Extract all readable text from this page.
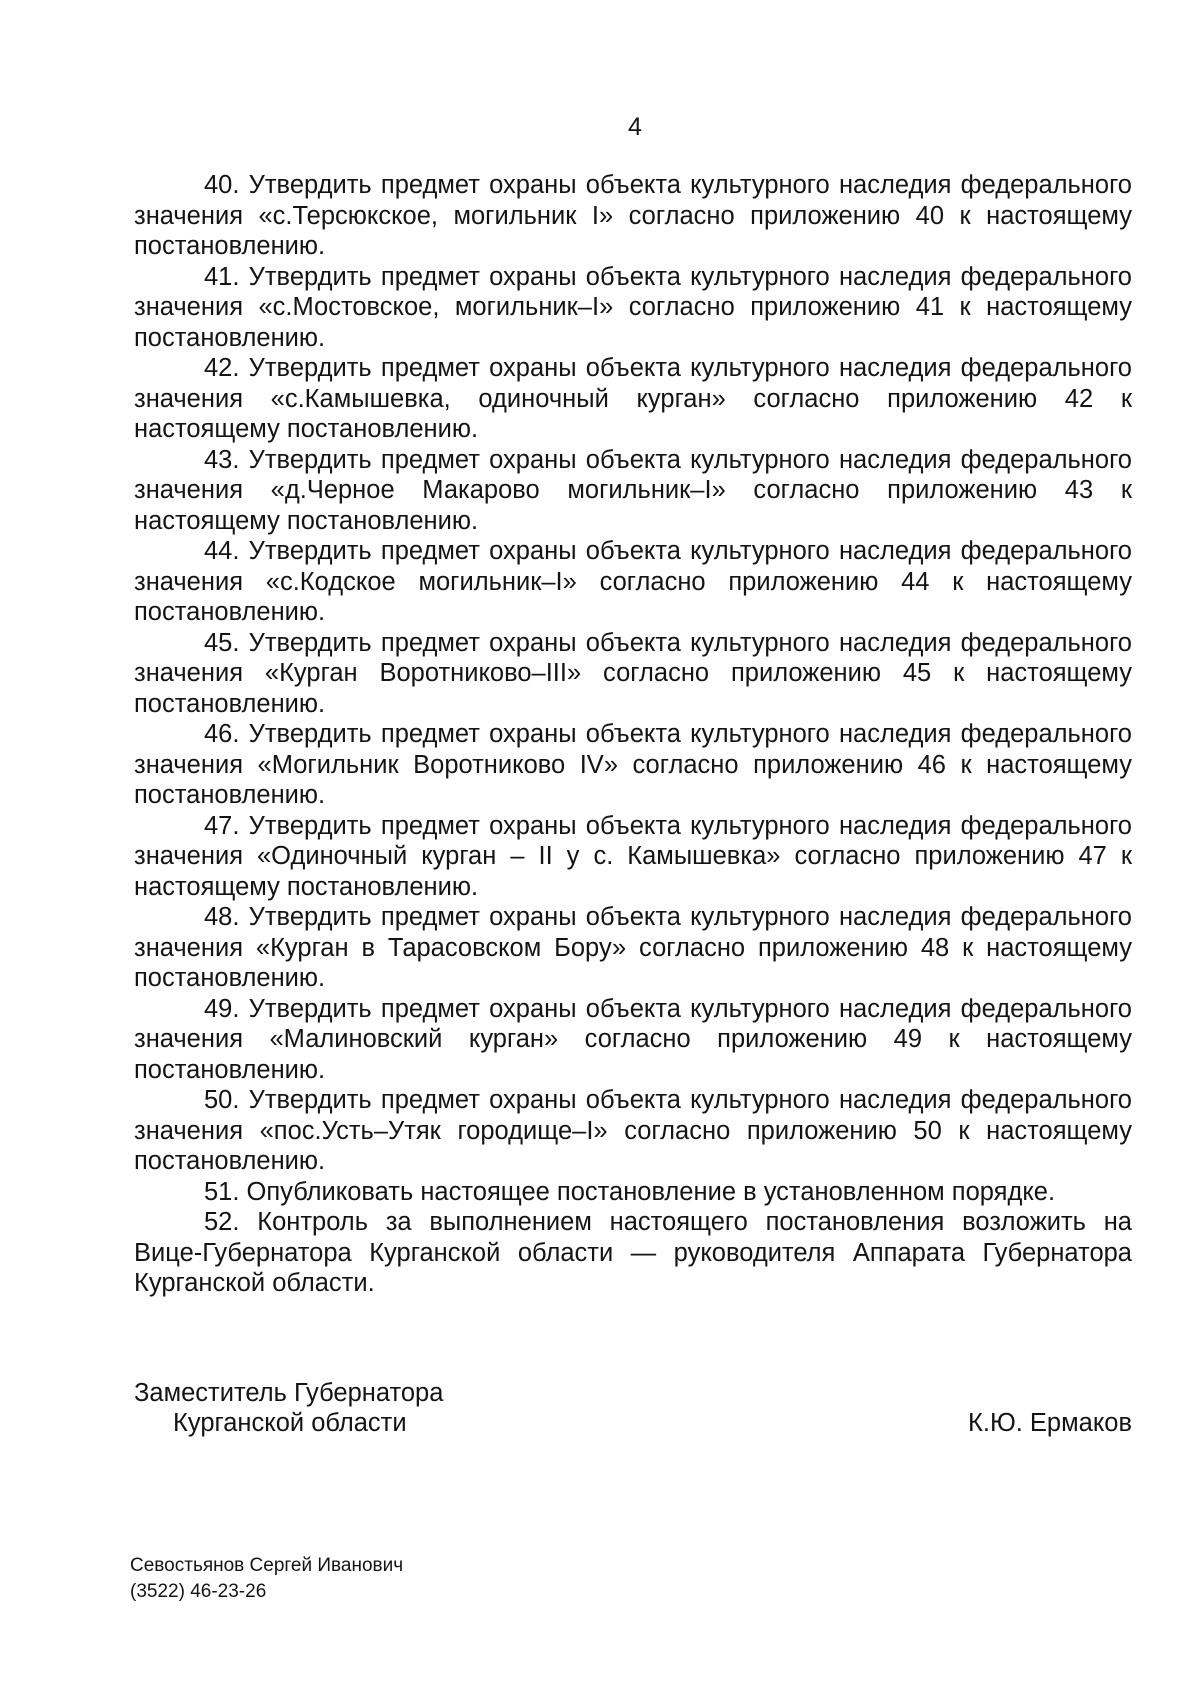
4

40. Утвердить предмет охраны объекта культурного наследия федерального значения «с.Терсюкское, могильник I» согласно приложению 40 к настоящему постановлению.

41. Утвердить предмет охраны объекта культурного наследия федерального значения «с.Мостовское, могильник–I» согласно приложению 41 к настоящему постановлению.

42. Утвердить предмет охраны объекта культурного наследия федерального значения «с.Камышевка, одиночный курган» согласно приложению 42 к настоящему постановлению.

43. Утвердить предмет охраны объекта культурного наследия федерального значения «д.Черное Макарово могильник–I» согласно приложению 43 к настоящему постановлению.

44. Утвердить предмет охраны объекта культурного наследия федерального значения «с.Кодское могильник–I» согласно приложению 44 к настоящему постановлению.

45. Утвердить предмет охраны объекта культурного наследия федерального значения «Курган Воротниково–III» согласно приложению 45 к настоящему постановлению.

46. Утвердить предмет охраны объекта культурного наследия федерального значения «Могильник Воротниково IV» согласно приложению 46 к настоящему постановлению.

47. Утвердить предмет охраны объекта культурного наследия федерального значения «Одиночный курган – II у с. Камышевка» согласно приложению 47 к настоящему постановлению.

48. Утвердить предмет охраны объекта культурного наследия федерального значения «Курган в Тарасовском Бору» согласно приложению 48 к настоящему постановлению.

49. Утвердить предмет охраны объекта культурного наследия федерального значения «Малиновский курган» согласно приложению 49 к настоящему постановлению.

50. Утвердить предмет охраны объекта культурного наследия федерального значения «пос.Усть–Утяк городище–I» согласно приложению 50 к настоящему постановлению.

51. Опубликовать настоящее постановление в установленном порядке.

52. Контроль за выполнением настоящего постановления возложить на Вице-Губернатора Курганской области — руководителя Аппарата Губернатора Курганской области.

Заместитель Губернатора
Курганской области	К.Ю. Ермаков
Севостьянов Сергей Иванович
(3522) 46-23-26
